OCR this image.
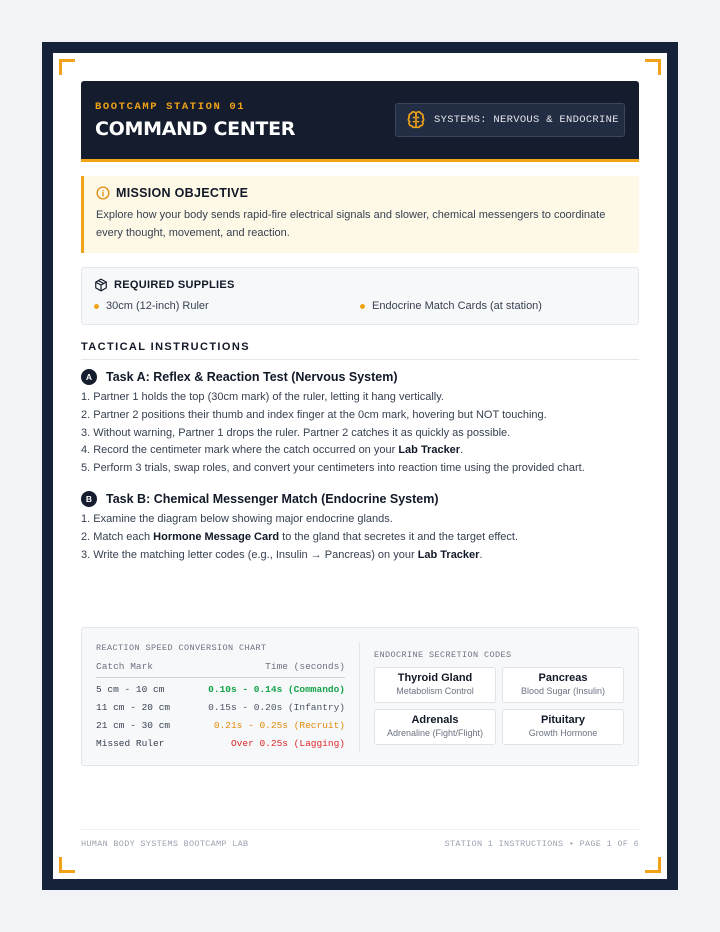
BOOTCAMP STATION 01
COMMAND CENTER	SYSTEMS: NERVOUS & ENDOCRINE
MISSION OBJECTIVE
Explore how your body sends rapid-fire electrical signals and slower, chemical messengers to coordinate every thought, movement, and reaction.
REQUIRED SUPPLIES
30cm (12-inch) Ruler	Endocrine Match Cards (at station)
TACTICAL INSTRUCTIONS
A	Task A: Reflex & Reaction Test (Nervous System)
1. Partner 1 holds the top (30cm mark) of the ruler, letting it hang vertically.
2. Partner 2 positions their thumb and index finger at the 0cm mark, hovering but NOT touching.
3. Without warning, Partner 1 drops the ruler. Partner 2 catches it as quickly as possible.
4. Record the centimeter mark where the catch occurred on your Lab Tracker.
5. Perform 3 trials, swap roles, and convert your centimeters into reaction time using the provided chart.
B	Task B: Chemical Messenger Match (Endocrine System)
1. Examine the diagram below showing major endocrine glands.
2. Match each Hormone Message Card to the gland that secretes it and the target effect.
3. Write the matching letter codes (e.g., Insulin → Pancreas) on your Lab Tracker.
REACTION SPEED CONVERSION CHART
Catch Mark	Time (seconds)
5 cm - 10 cm	0.10s - 0.14s (Commando)
11 cm - 20 cm	0.15s - 0.20s (Infantry)
21 cm - 30 cm	0.21s - 0.25s (Recruit)
Missed Ruler	Over 0.25s (Lagging)
ENDOCRINE SECRETION CODES
Thyroid Gland
Metabolism Control
Pancreas
Blood Sugar (Insulin)
Adrenals
Adrenaline (Fight/Flight)
Pituitary
Growth Hormone
HUMAN BODY SYSTEMS BOOTCAMP LAB	STATION 1 INSTRUCTIONS • PAGE 1 OF 6
